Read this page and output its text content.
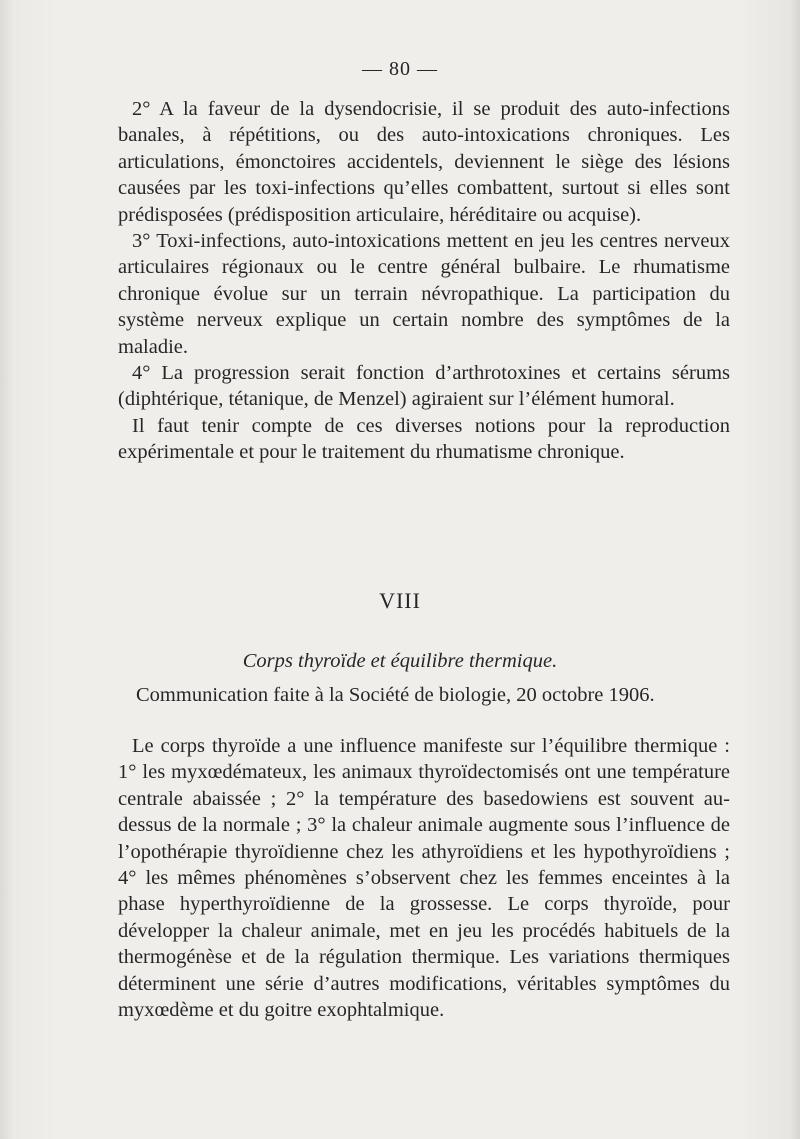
— 80 —

2° A la faveur de la dysendocrisie, il se produit des auto-infections banales, à répétitions, ou des auto-intoxications chroniques. Les articulations, émonctoires accidentels, deviennent le siège des lésions causées par les toxi-infections qu’elles combattent, surtout si elles sont prédisposées (prédisposition articulaire, héréditaire ou acquise).

3° Toxi-infections, auto-intoxications mettent en jeu les centres nerveux articulaires régionaux ou le centre général bulbaire. Le rhumatisme chronique évolue sur un terrain névropathique. La participation du système nerveux explique un certain nombre des symptômes de la maladie.

4° La progression serait fonction d’arthrotoxines et certains sérums (diphtérique, tétanique, de Menzel) agiraient sur l’élément humoral.

Il faut tenir compte de ces diverses notions pour la reproduction expérimentale et pour le traitement du rhumatisme chronique.

VIII
Corps thyroïde et équilibre thermique.
Communication faite à la Société de biologie, 20 octobre 1906.

Le corps thyroïde a une influence manifeste sur l’équilibre thermique : 1° les myxœdémateux, les animaux thyroïdectomisés ont une température centrale abaissée ; 2° la température des basedowiens est souvent au-dessus de la normale ; 3° la chaleur animale augmente sous l’influence de l’opothérapie thyroïdienne chez les athyroïdiens et les hypothyroïdiens ; 4° les mêmes phénomènes s’observent chez les femmes enceintes à la phase hyperthyroïdienne de la grossesse. Le corps thyroïde, pour développer la chaleur animale, met en jeu les procédés habituels de la thermogénèse et de la régulation thermique. Les variations thermiques déterminent une série d’autres modifications, véritables symptômes du myxœdème et du goitre exophtalmique.
